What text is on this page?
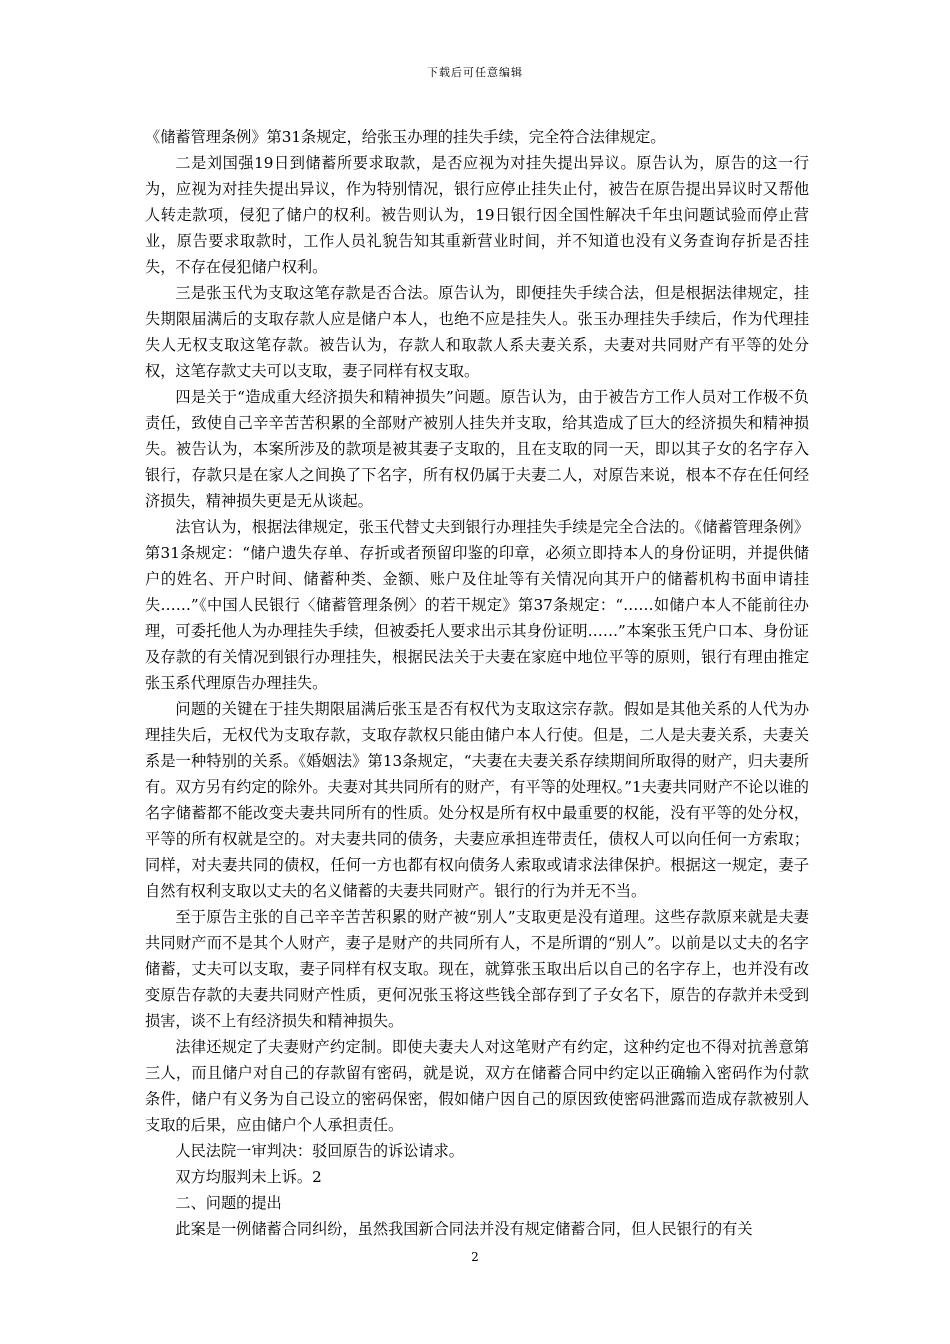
下载后可任意编辑

《储蓄管理条例》第31条规定，给张玉办理的挂失手续，完全符合法律规定。

二是刘国强19日到储蓄所要求取款，是否应视为对挂失提出异议。原告认为，原告的这一行为，应视为对挂失提出异议，作为特别情况，银行应停止挂失止付，被告在原告提出异议时又帮他人转走款项，侵犯了储户的权利。被告则认为，19日银行因全国性解决千年虫问题试验而停止营业，原告要求取款时，工作人员礼貌告知其重新营业时间，并不知道也没有义务查询存折是否挂失，不存在侵犯储户权利。

三是张玉代为支取这笔存款是否合法。原告认为，即便挂失手续合法，但是根据法律规定，挂失期限届满后的支取存款人应是储户本人，也绝不应是挂失人。张玉办理挂失手续后，作为代理挂失人无权支取这笔存款。被告认为，存款人和取款人系夫妻关系，夫妻对共同财产有平等的处分权，这笔存款丈夫可以支取，妻子同样有权支取。

四是关于“造成重大经济损失和精神损失”问题。原告认为，由于被告方工作人员对工作极不负责任，致使自己辛辛苦苦积累的全部财产被别人挂失并支取，给其造成了巨大的经济损失和精神损失。被告认为，本案所涉及的款项是被其妻子支取的，且在支取的同一天，即以其子女的名字存入银行，存款只是在家人之间换了下名字，所有权仍属于夫妻二人，对原告来说，根本不存在任何经济损失，精神损失更是无从谈起。

法官认为，根据法律规定，张玉代替丈夫到银行办理挂失手续是完全合法的。《储蓄管理条例》第31条规定：“储户遗失存单、存折或者预留印鉴的印章，必须立即持本人的身份证明，并提供储户的姓名、开户时间、储蓄种类、金额、账户及住址等有关情况向其开户的储蓄机构书面申请挂失……”《中国人民银行〈储蓄管理条例〉的若干规定》第37条规定：“……如储户本人不能前往办理，可委托他人为办理挂失手续，但被委托人要求出示其身份证明……”本案张玉凭户口本、身份证及存款的有关情况到银行办理挂失，根据民法关于夫妻在家庭中地位平等的原则，银行有理由推定张玉系代理原告办理挂失。

问题的关键在于挂失期限届满后张玉是否有权代为支取这宗存款。假如是其他关系的人代为办理挂失后，无权代为支取存款，支取存款权只能由储户本人行使。但是，二人是夫妻关系，夫妻关系是一种特别的关系。《婚姻法》第13条规定，“夫妻在夫妻关系存续期间所取得的财产，归夫妻所有。双方另有约定的除外。夫妻对其共同所有的财产，有平等的处理权。”1夫妻共同财产不论以谁的名字储蓄都不能改变夫妻共同所有的性质。处分权是所有权中最重要的权能，没有平等的处分权，平等的所有权就是空的。对夫妻共同的债务，夫妻应承担连带责任，债权人可以向任何一方索取；同样，对夫妻共同的债权，任何一方也都有权向债务人索取或请求法律保护。根据这一规定，妻子自然有权利支取以丈夫的名义储蓄的夫妻共同财产。银行的行为并无不当。

至于原告主张的自己辛辛苦苦积累的财产被“别人”支取更是没有道理。这些存款原来就是夫妻共同财产而不是其个人财产，妻子是财产的共同所有人，不是所谓的“别人”。以前是以丈夫的名字储蓄，丈夫可以支取，妻子同样有权支取。现在，就算张玉取出后以自己的名字存上，也并没有改变原告存款的夫妻共同财产性质，更何况张玉将这些钱全部存到了子女名下，原告的存款并未受到损害，谈不上有经济损失和精神损失。

法律还规定了夫妻财产约定制。即使夫妻夫人对这笔财产有约定，这种约定也不得对抗善意第三人，而且储户对自己的存款留有密码，就是说，双方在储蓄合同中约定以正确输入密码作为付款条件，储户有义务为自己设立的密码保密，假如储户因自己的原因致使密码泄露而造成存款被别人支取的后果，应由储户个人承担责任。

人民法院一审判决：驳回原告的诉讼请求。

双方均服判未上诉。2

二、问题的提出

此案是一例储蓄合同纠纷，虽然我国新合同法并没有规定储蓄合同，但人民银行的有关

2
